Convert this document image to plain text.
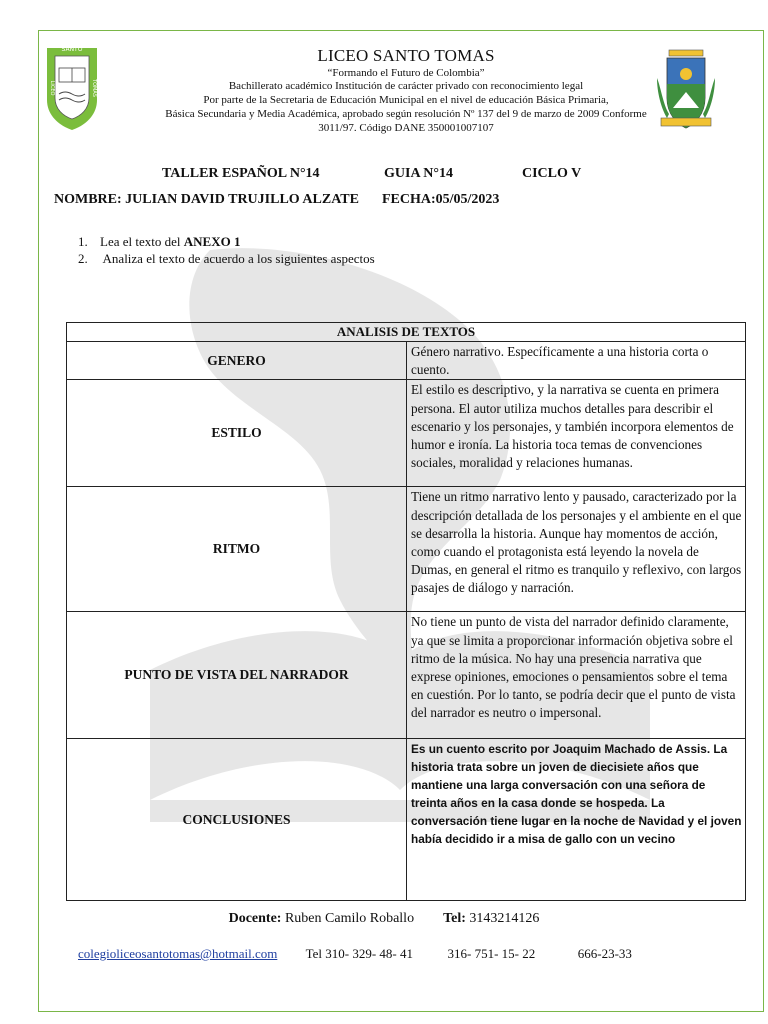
SANTO
LICEO	TOMAS
LICEO SANTO TOMAS
“Formando el Futuro de Colombia”
Bachillerato académico Institución de carácter privado con reconocimiento legal
Por parte de la Secretaria de Educación Municipal en el nivel de educación Básica Primaria,
Básica Secundaria y Media Académica, aprobado según resolución Nº 137 del 9 de marzo de 2009 Conforme
3011/97. Código DANE 350001007107
TALLER ESPAÑOL N°14	GUIA N°14	CICLO V
NOMBRE: JULIAN DAVID TRUJILLO ALZATE FECHA:05/05/2023
1. Lea el texto del ANEXO 1
2. Analiza el texto de acuerdo a los siguientes aspectos
ANALISIS DE TEXTOS	
GENERO	Género narrativo. Específicamente a una historia corta o cuento.
ESTILO	El estilo es descriptivo, y la narrativa se cuenta en primera persona. El autor utiliza muchos detalles para describir el escenario y los personajes, y también incorpora elementos de humor e ironía. La historia toca temas de convenciones sociales, moralidad y relaciones humanas.
RITMO	Tiene un ritmo narrativo lento y pausado, caracterizado por la descripción detallada de los personajes y el ambiente en el que se desarrolla la historia. Aunque hay momentos de acción, como cuando el protagonista está leyendo la novela de Dumas, en general el ritmo es tranquilo y reflexivo, con largos pasajes de diálogo y narración.
PUNTO DE VISTA DEL NARRADOR	No tiene un punto de vista del narrador definido claramente, ya que se limita a proporcionar información objetiva sobre el ritmo de la música. No hay una presencia narrativa que exprese opiniones, emociones o pensamientos sobre el tema en cuestión. Por lo tanto, se podría decir que el punto de vista del narrador es neutro o impersonal.
CONCLUSIONES	Es un cuento escrito por Joaquim Machado de Assis. La historia trata sobre un joven de diecisiete años que mantiene una larga conversación con una señora de treinta años en la casa donde se hospeda. La conversación tiene lugar en la noche de Navidad y el joven había decidido ir a misa de gallo con un vecino
Docente: Ruben Camilo Roballo Tel: 3143214126
colegioliceosantotomas@hotmail.com Tel 310- 329- 48- 41	316- 751- 15- 22	666-23-33
